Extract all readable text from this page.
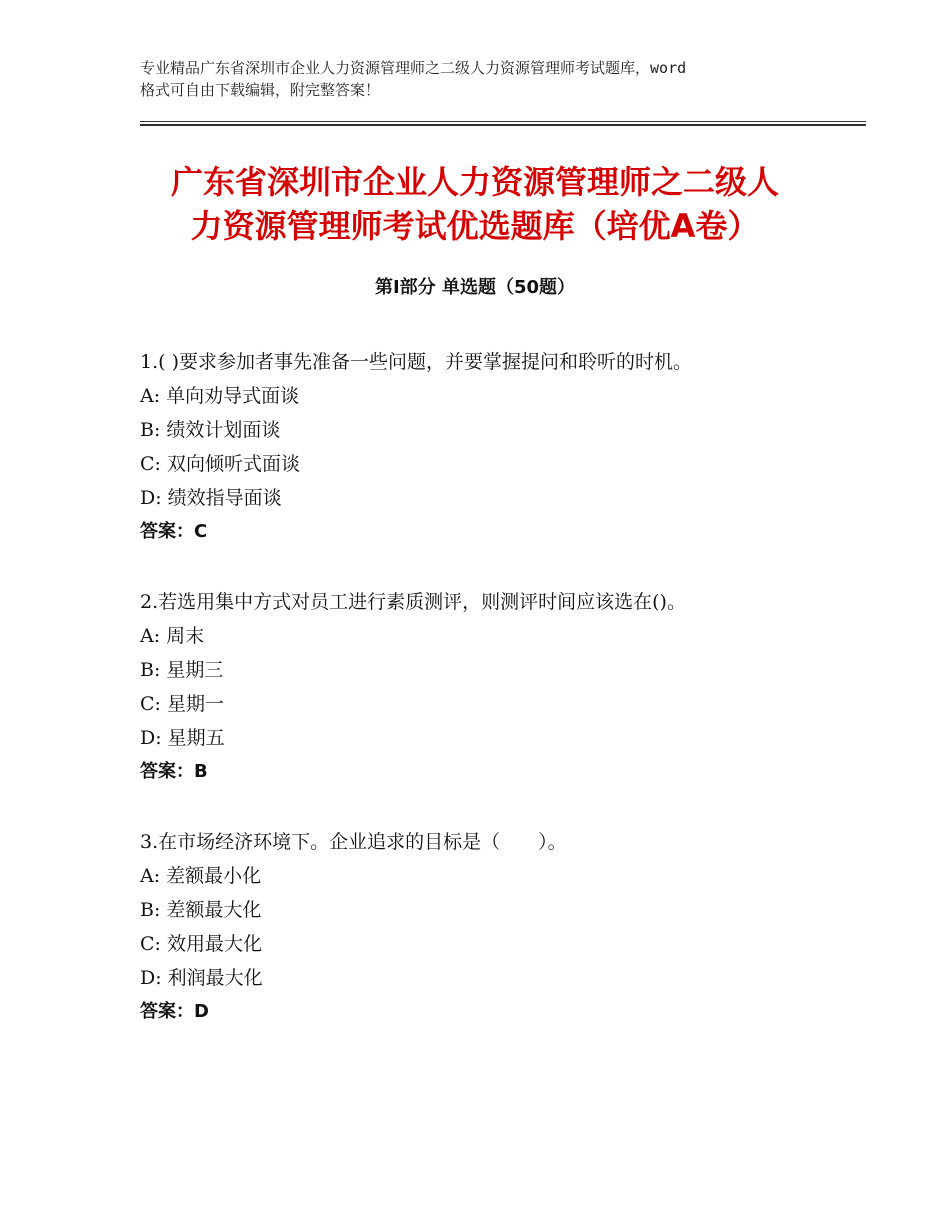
专业精品广东省深圳市企业人力资源管理师之二级人力资源管理师考试题库，word
格式可自由下载编辑，附完整答案！
广东省深圳市企业人力资源管理师之二级人
力资源管理师考试优选题库（培优A卷）
第Ⅰ部分 单选题（50题）
1.( )要求参加者事先准备一些问题，并要掌握提问和聆听的时机。
A: 单向劝导式面谈
B: 绩效计划面谈
C: 双向倾听式面谈
D: 绩效指导面谈
答案：C
2.若选用集中方式对员工进行素质测评，则测评时间应该选在()。
A: 周末
B: 星期三
C: 星期一
D: 星期五
答案：B
3.在市场经济环境下。企业追求的目标是（　　）。
A: 差额最小化
B: 差额最大化
C: 效用最大化
D: 利润最大化
答案：D
